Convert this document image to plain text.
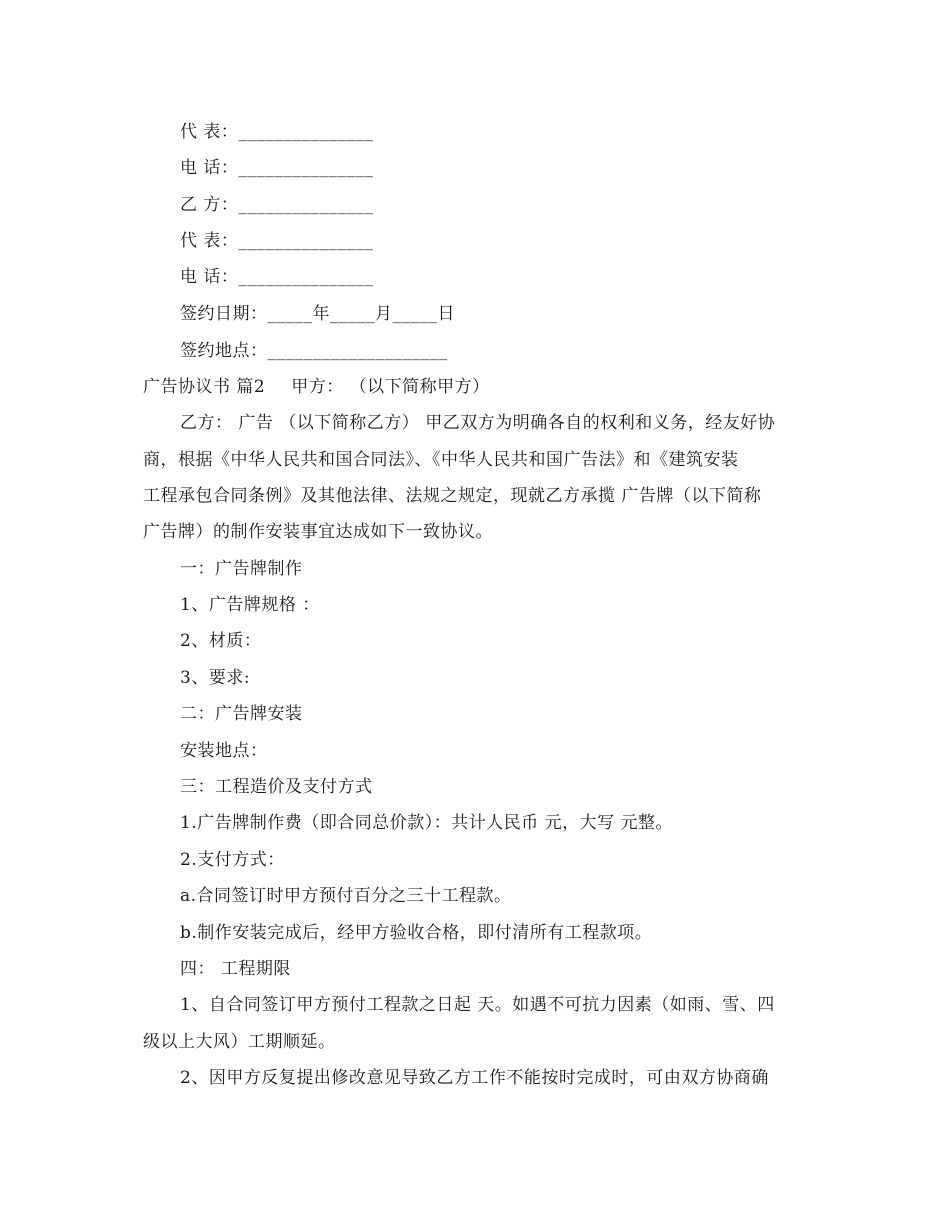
代 表：_______________
电 话：_______________
乙 方：_______________
代 表：_______________
电 话：_______________
签约日期：_____年_____月_____日
签约地点：____________________
广告协议书 篇2 甲方： （以下简称甲方）
乙方： 广告 （以下简称乙方） 甲乙双方为明确各自的权利和义务，经友好协
商，根据《中华人民共和国合同法》、《中华人民共和国广告法》和《建筑安装
工程承包合同条例》及其他法律、法规之规定，现就乙方承揽 广告牌（以下简称
广告牌）的制作安装事宜达成如下一致协议。
一：广告牌制作
1、广告牌规格 ：
2、材质：
3、要求:
二：广告牌安装
安装地点：
三：工程造价及支付方式
1.广告牌制作费（即合同总价款）：共计人民币 元，大写 元整。
2.支付方式：
a.合同签订时甲方预付百分之三十工程款。
b.制作安装完成后，经甲方验收合格，即付清所有工程款项。
四： 工程期限
1、自合同签订甲方预付工程款之日起 天。如遇不可抗力因素（如雨、雪、四
级以上大风）工期顺延。
2、因甲方反复提出修改意见导致乙方工作不能按时完成时，可由双方协商确
